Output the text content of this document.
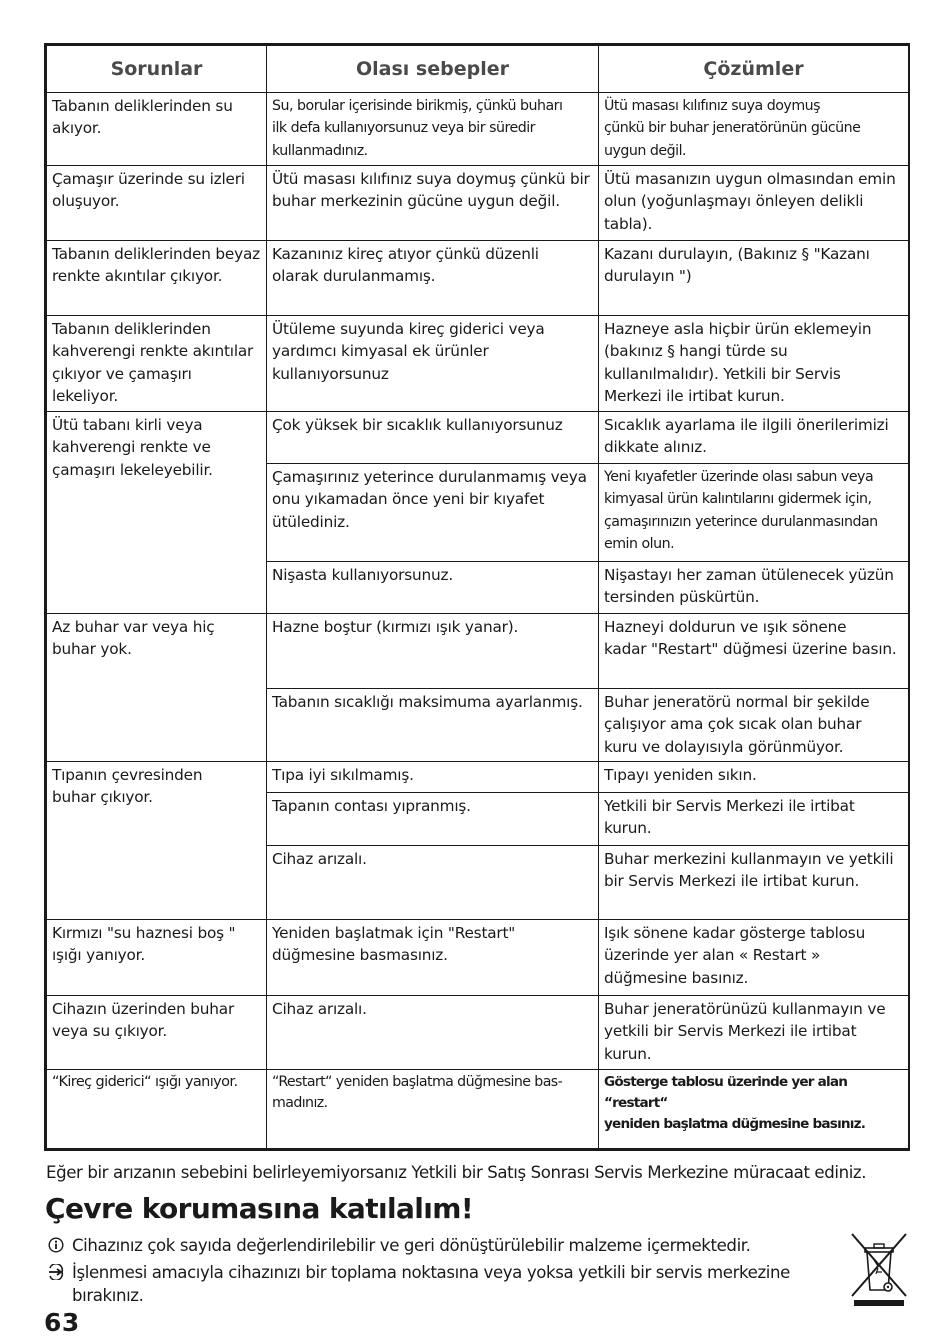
Sorunlar	Olası sebepler	Çözümler

Tabanın deliklerinden su
akıyor.	Su, borular içerisinde birikmiş, çünkü buharı
ilk defa kullanıyorsunuz veya bir süredir
kullanmadınız.	Ütü masası kılıfınız suya doymuş
çünkü bir buhar jeneratörünün gücüne
uygun değil.

Çamaşır üzerinde su izleri
oluşuyor.	Ütü masası kılıfınız suya doymuş çünkü bir
buhar merkezinin gücüne uygun değil.	Ütü masanızın uygun olmasından emin
olun (yoğunlaşmayı önleyen delikli
tabla).

Tabanın deliklerinden beyaz
renkte akıntılar çıkıyor.	Kazanınız kireç atıyor çünkü düzenli
olarak durulanmamış.	Kazanı durulayın, (Bakınız § "Kazanı
durulayın ")

Tabanın deliklerinden
kahverengi renkte akıntılar
çıkıyor ve çamaşırı
lekeliyor.	Ütüleme suyunda kireç giderici veya
yardımcı kimyasal ek ürünler
kullanıyorsunuz	Hazneye asla hiçbir ürün eklemeyin
(bakınız § hangi türde su
kullanılmalıdır). Yetkili bir Servis
Merkezi ile irtibat kurun.

Ütü tabanı kirli veya
kahverengi renkte ve
çamaşırı lekeleyebilir.	Çok yüksek bir sıcaklık kullanıyorsunuz	Sıcaklık ayarlama ile ilgili önerilerimizi
dikkate alınız.

	Çamaşırınız yeterince durulanmamış veya
onu yıkamadan önce yeni bir kıyafet
ütülediniz.	Yeni kıyafetler üzerinde olası sabun veya
kimyasal ürün kalıntılarını gidermek için,
çamaşırınızın yeterince durulanmasından
emin olun.

	Nişasta kullanıyorsunuz.	Nişastayı her zaman ütülenecek yüzün
tersinden püskürtün.

Az buhar var veya hiç
buhar yok.	Hazne boştur (kırmızı ışık yanar).	Hazneyi doldurun ve ışık sönene
kadar "Restart" düğmesi üzerine basın.

	Tabanın sıcaklığı maksimuma ayarlanmış.	Buhar jeneratörü normal bir şekilde
çalışıyor ama çok sıcak olan buhar
kuru ve dolayısıyla görünmüyor.

Tıpanın çevresinden
buhar çıkıyor.	Tıpa iyi sıkılmamış.	Tıpayı yeniden sıkın.

	Tapanın contası yıpranmış.	Yetkili bir Servis Merkezi ile irtibat
kurun.

	Cihaz arızalı.	Buhar merkezini kullanmayın ve yetkili
bir Servis Merkezi ile irtibat kurun.

Kırmızı "su haznesi boş "
ışığı yanıyor.	Yeniden başlatmak için "Restart"
düğmesine basmasınız.	Işık sönene kadar gösterge tablosu
üzerinde yer alan « Restart »
düğmesine basınız.

Cihazın üzerinden buhar
veya su çıkıyor.	Cihaz arızalı.	Buhar jeneratörünüzü kullanmayın ve
yetkili bir Servis Merkezi ile irtibat
kurun.

“Kireç giderici“ ışığı yanıyor.	“Restart“ yeniden başlatma düğmesine bas-
madınız.	Gösterge tablosu üzerinde yer alan “restart“
yeniden başlatma düğmesine basınız.
Eğer bir arızanın sebebini belirleyemiyorsanız Yetkili bir Satış Sonrası Servis Merkezine müracaat ediniz.
Çevre korumasına katılalım!
Cihazınız çok sayıda değerlendirilebilir ve geri dönüştürülebilir malzeme içermektedir.
İşlenmesi amacıyla cihazınızı bir toplama noktasına veya yoksa yetkili bir servis merkezine bırakınız.
63
